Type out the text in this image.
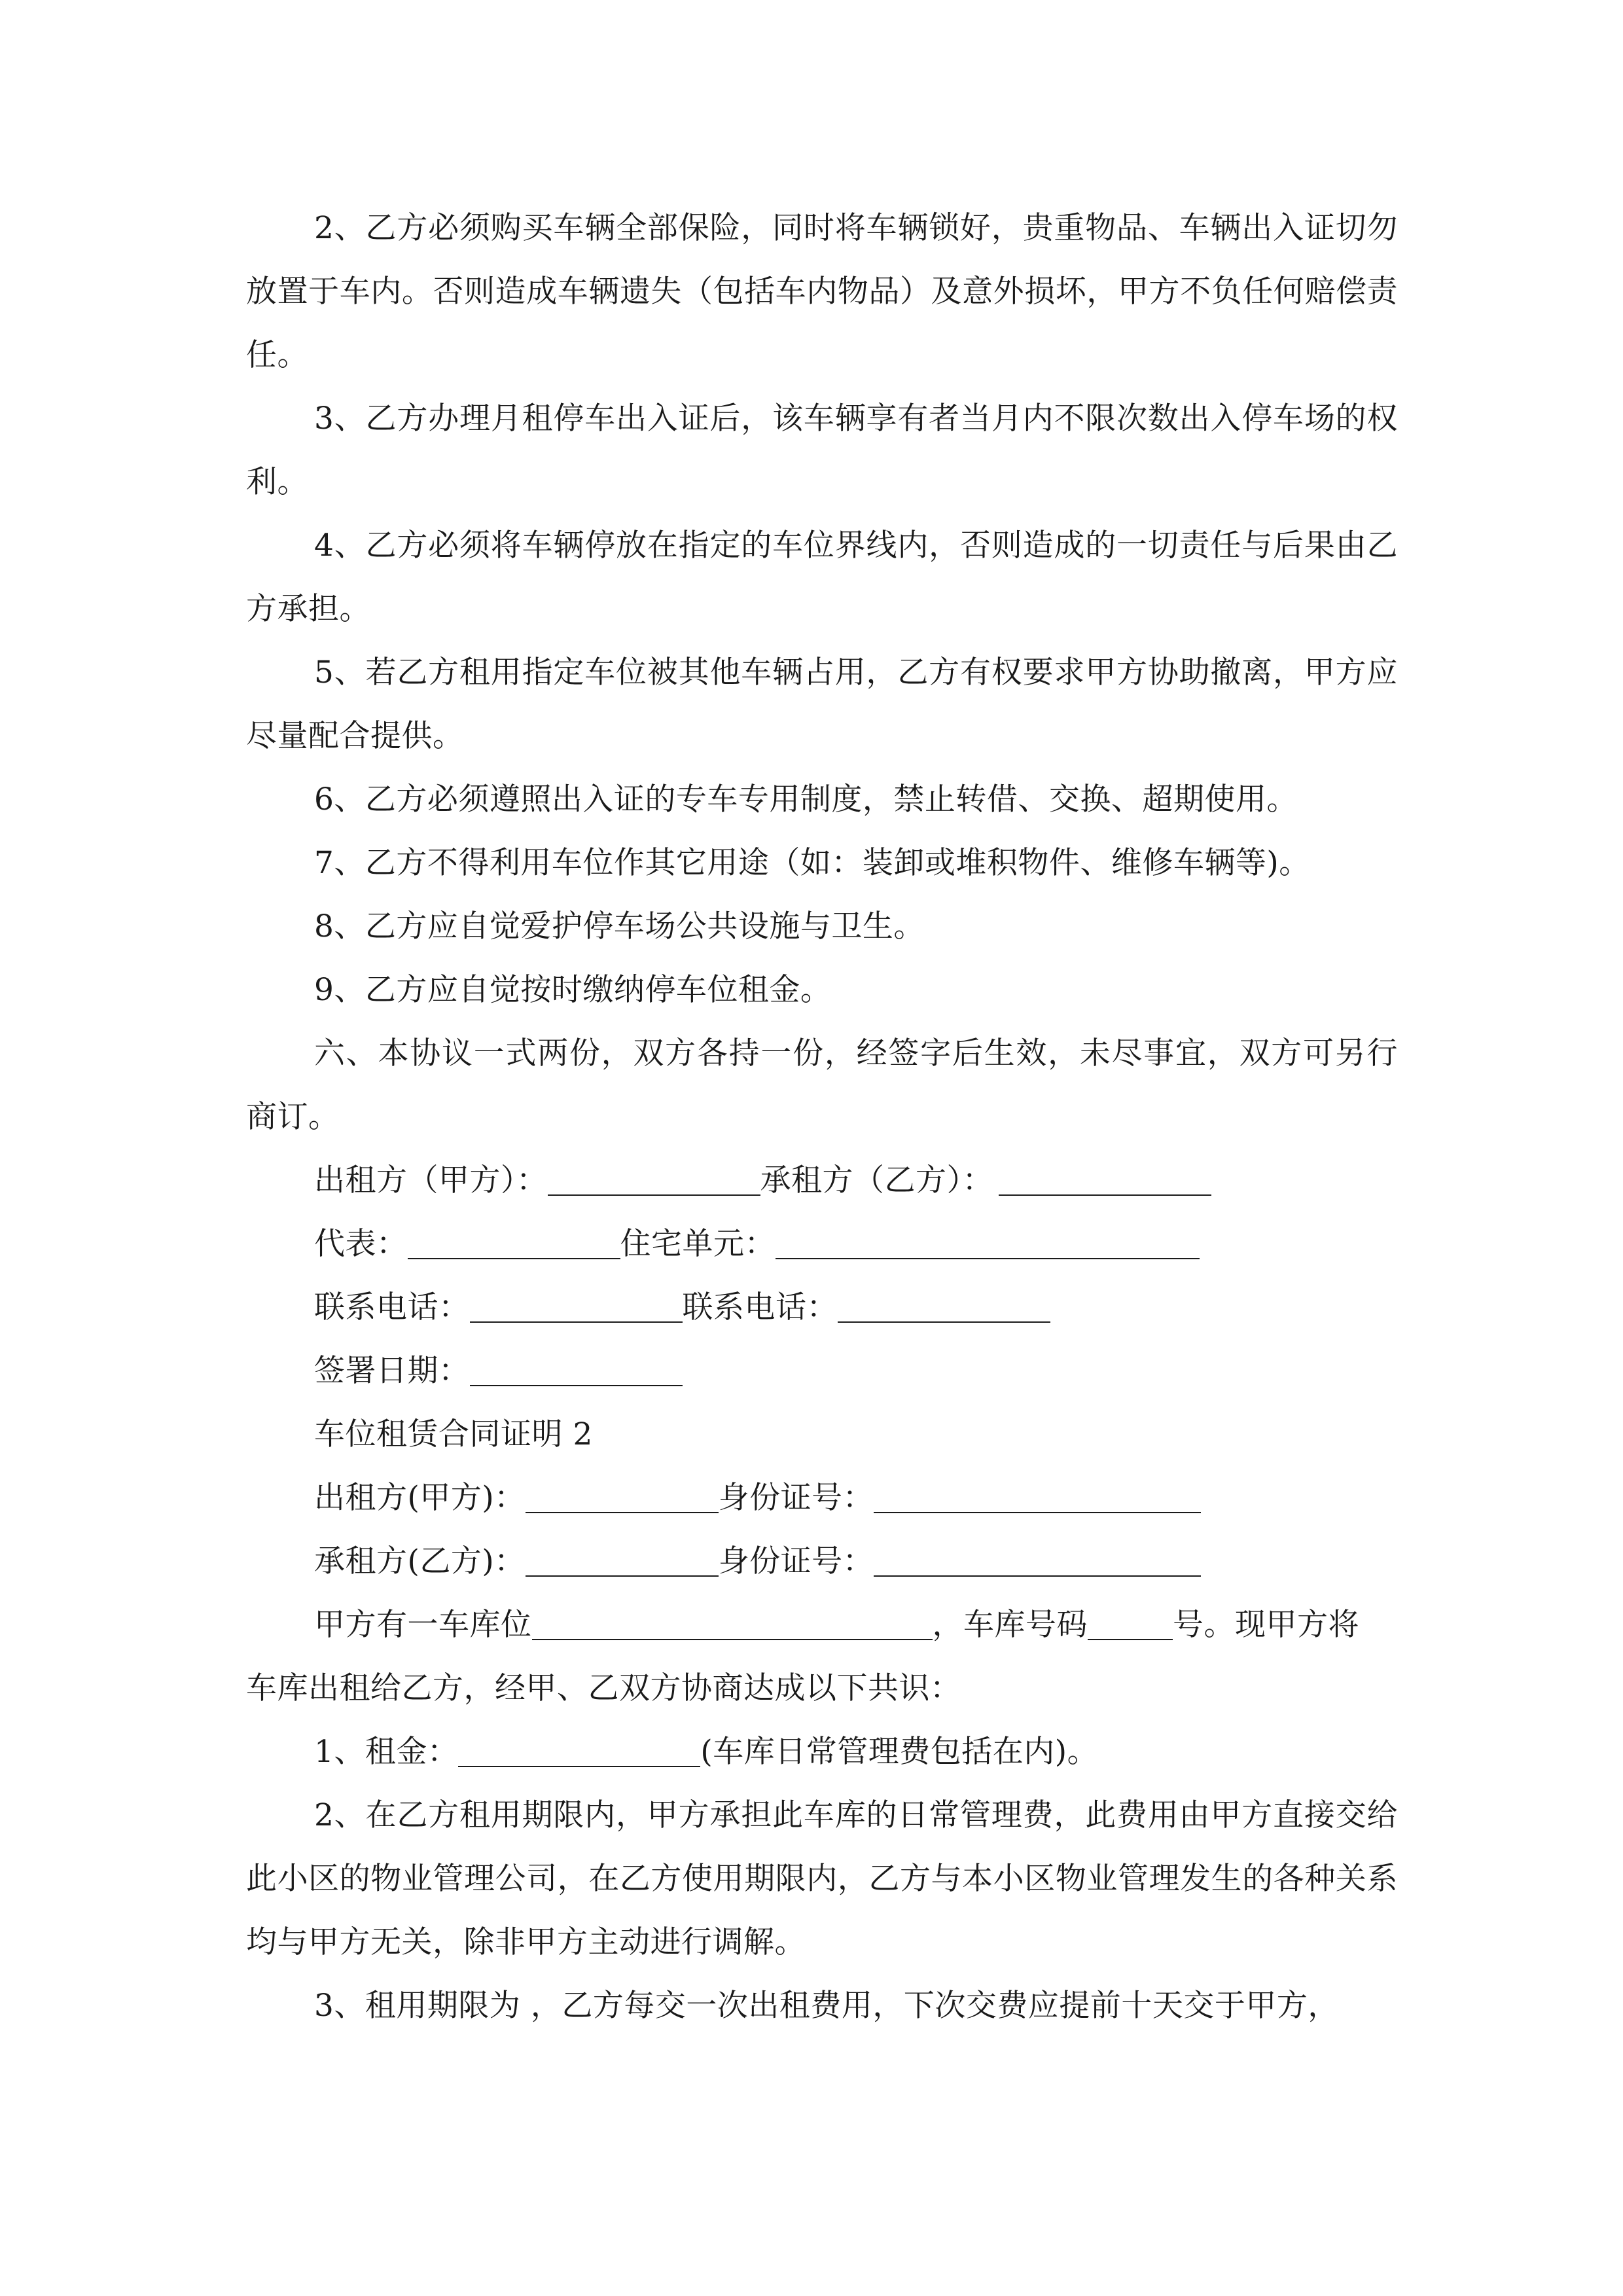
2、乙方必须购买车辆全部保险，同时将车辆锁好，贵重物品、车辆出入证切勿放置于车内。否则造成车辆遗失（包括车内物品）及意外损坏，甲方不负任何赔偿责任。

3、乙方办理月租停车出入证后，该车辆享有者当月内不限次数出入停车场的权利。

4、乙方必须将车辆停放在指定的车位界线内，否则造成的一切责任与后果由乙方承担。

5、若乙方租用指定车位被其他车辆占用，乙方有权要求甲方协助撤离，甲方应尽量配合提供。

6、乙方必须遵照出入证的专车专用制度，禁止转借、交换、超期使用。

7、乙方不得利用车位作其它用途（如：装卸或堆积物件、维修车辆等)。

8、乙方应自觉爱护停车场公共设施与卫生。

9、乙方应自觉按时缴纳停车位租金。

六、本协议一式两份，双方各持一份，经签字后生效，未尽事宜，双方可另行商订。

出租方（甲方）：	承租方（乙方）：
代表：	住宅单元：
联系电话：	联系电话：
签署日期：
车位租赁合同证明 2
出租方(甲方)：	身份证号：
承租方(乙方)：	身份证号：
甲方有一车库位	，车库号码	号。现甲方将

车库出租给乙方，经甲、乙双方协商达成以下共识：

1、租金：	(车库日常管理费包括在内)。

2、在乙方租用期限内，甲方承担此车库的日常管理费，此费用由甲方直接交给此小区的物业管理公司，在乙方使用期限内，乙方与本小区物业管理发生的各种关系均与甲方无关，除非甲方主动进行调解。

3、租用期限为 ，乙方每交一次出租费用，下次交费应提前十天交于甲方，
